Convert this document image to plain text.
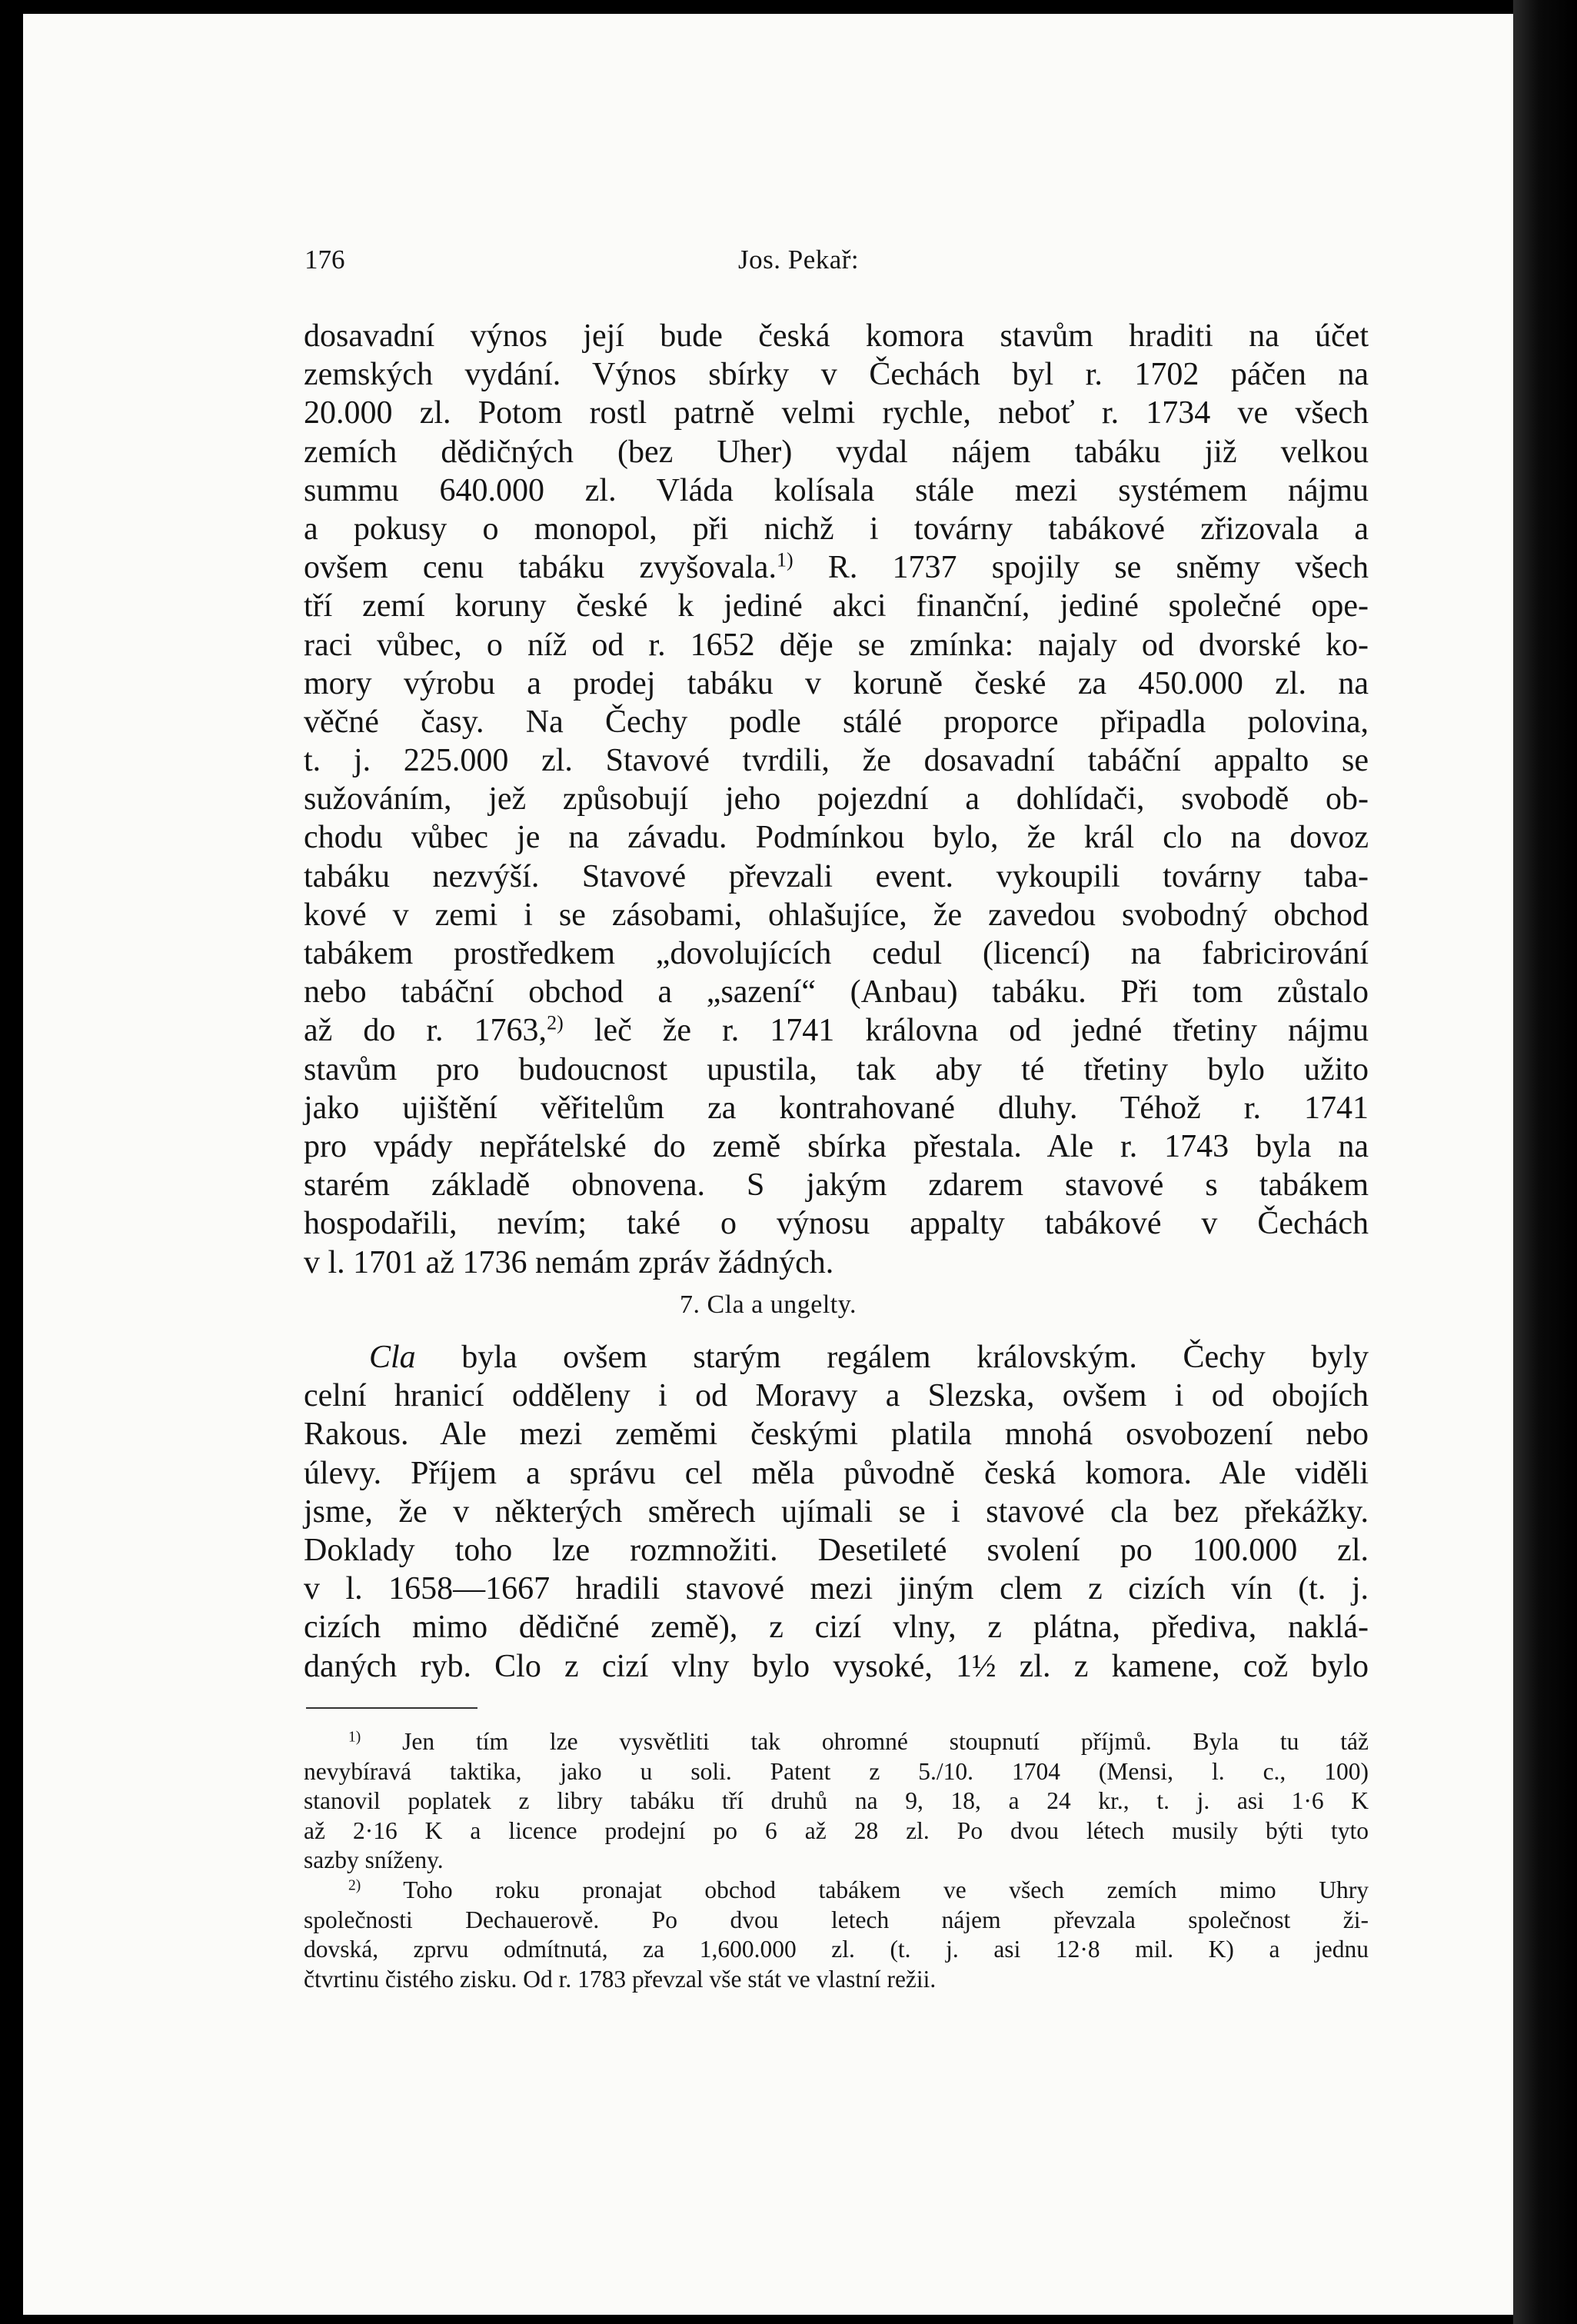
176	Jos. Pekař:
dosavadní výnos její bude česká komora stavům hraditi na účet
zemských vydání. Výnos sbírky v Čechách byl r. 1702 páčen na
20.000 zl. Potom rostl patrně velmi rychle, neboť r. 1734 ve všech
zemích dědičných (bez Uher) vydal nájem tabáku již velkou
summu 640.000 zl. Vláda kolísala stále mezi systémem nájmu
a pokusy o monopol, při nichž i továrny tabákové zřizovala a
ovšem cenu tabáku zvyšovala.$^{1)}$ R. 1737 spojily se sněmy všech
tří zemí koruny české k jediné akci finanční, jediné společné ope-
raci vůbec, o níž od r. 1652 děje se zmínka: najaly od dvorské ko-
mory výrobu a prodej tabáku v koruně české za 450.000 zl. na
věčné časy. Na Čechy podle stálé proporce připadla polovina,
t. j. 225.000 zl. Stavové tvrdili, že dosavadní tabáční appalto se
sužováním, jež způsobují jeho pojezdní a dohlídači, svobodě ob-
chodu vůbec je na závadu. Podmínkou bylo, že král clo na dovoz
tabáku nezvýší. Stavové převzali event. vykoupili továrny taba-
kové v zemi i se zásobami, ohlašujíce, že zavedou svobodný obchod
tabákem prostředkem „dovolujících cedul (licencí) na fabricirování
nebo tabáční obchod a „sazení“ (Anbau) tabáku. Při tom zůstalo
až do r. 1763,$^{2)}$ leč že r. 1741 královna od jedné třetiny nájmu
stavům pro budoucnost upustila, tak aby té třetiny bylo užito
jako ujištění věřitelům za kontrahované dluhy. Téhož r. 1741
pro vpády nepřátelské do země sbírka přestala. Ale r. 1743 byla na
starém základě obnovena. S jakým zdarem stavové s tabákem
hospodařili, nevím; také o výnosu appalty tabákové v Čechách
v l. 1701 až 1736 nemám zpráv žádných.
7. Cla a ungelty.
Cla byla ovšem starým regálem královským. Čechy byly
celní hranicí odděleny i od Moravy a Slezska, ovšem i od obojích
Rakous. Ale mezi zeměmi českými platila mnohá osvobození nebo
úlevy. Příjem a správu cel měla původně česká komora. Ale viděli
jsme, že v některých směrech ujímali se i stavové cla bez překážky.
Doklady toho lze rozmnožiti. Desetileté svolení po 100.000 zl.
v l. 1658—1667 hradili stavové mezi jiným clem z cizích vín (t. j.
cizích mimo dědičné země), z cizí vlny, z plátna, přediva, naklá-
daných ryb. Clo z cizí vlny bylo vysoké, 1½ zl. z kamene, což bylo
$^{1)}$ Jen tím lze vysvětliti tak ohromné stoupnutí příjmů. Byla tu táž
nevybíravá taktika, jako u soli. Patent z 5./10. 1704 (Mensi, l. c., 100)
stanovil poplatek z libry tabáku tří druhů na 9, 18, a 24 kr., t. j. asi 1·6 K
až 2·16 K a licence prodejní po 6 až 28 zl. Po dvou létech musily býti tyto
sazby sníženy.
$^{2)}$ Toho roku pronajat obchod tabákem ve všech zemích mimo Uhry
společnosti Dechauerově. Po dvou letech nájem převzala společnost ži-
dovská, zprvu odmítnutá, za 1,600.000 zl. (t. j. asi 12·8 mil. K) a jednu
čtvrtinu čistého zisku. Od r. 1783 převzal vše stát ve vlastní režii.
